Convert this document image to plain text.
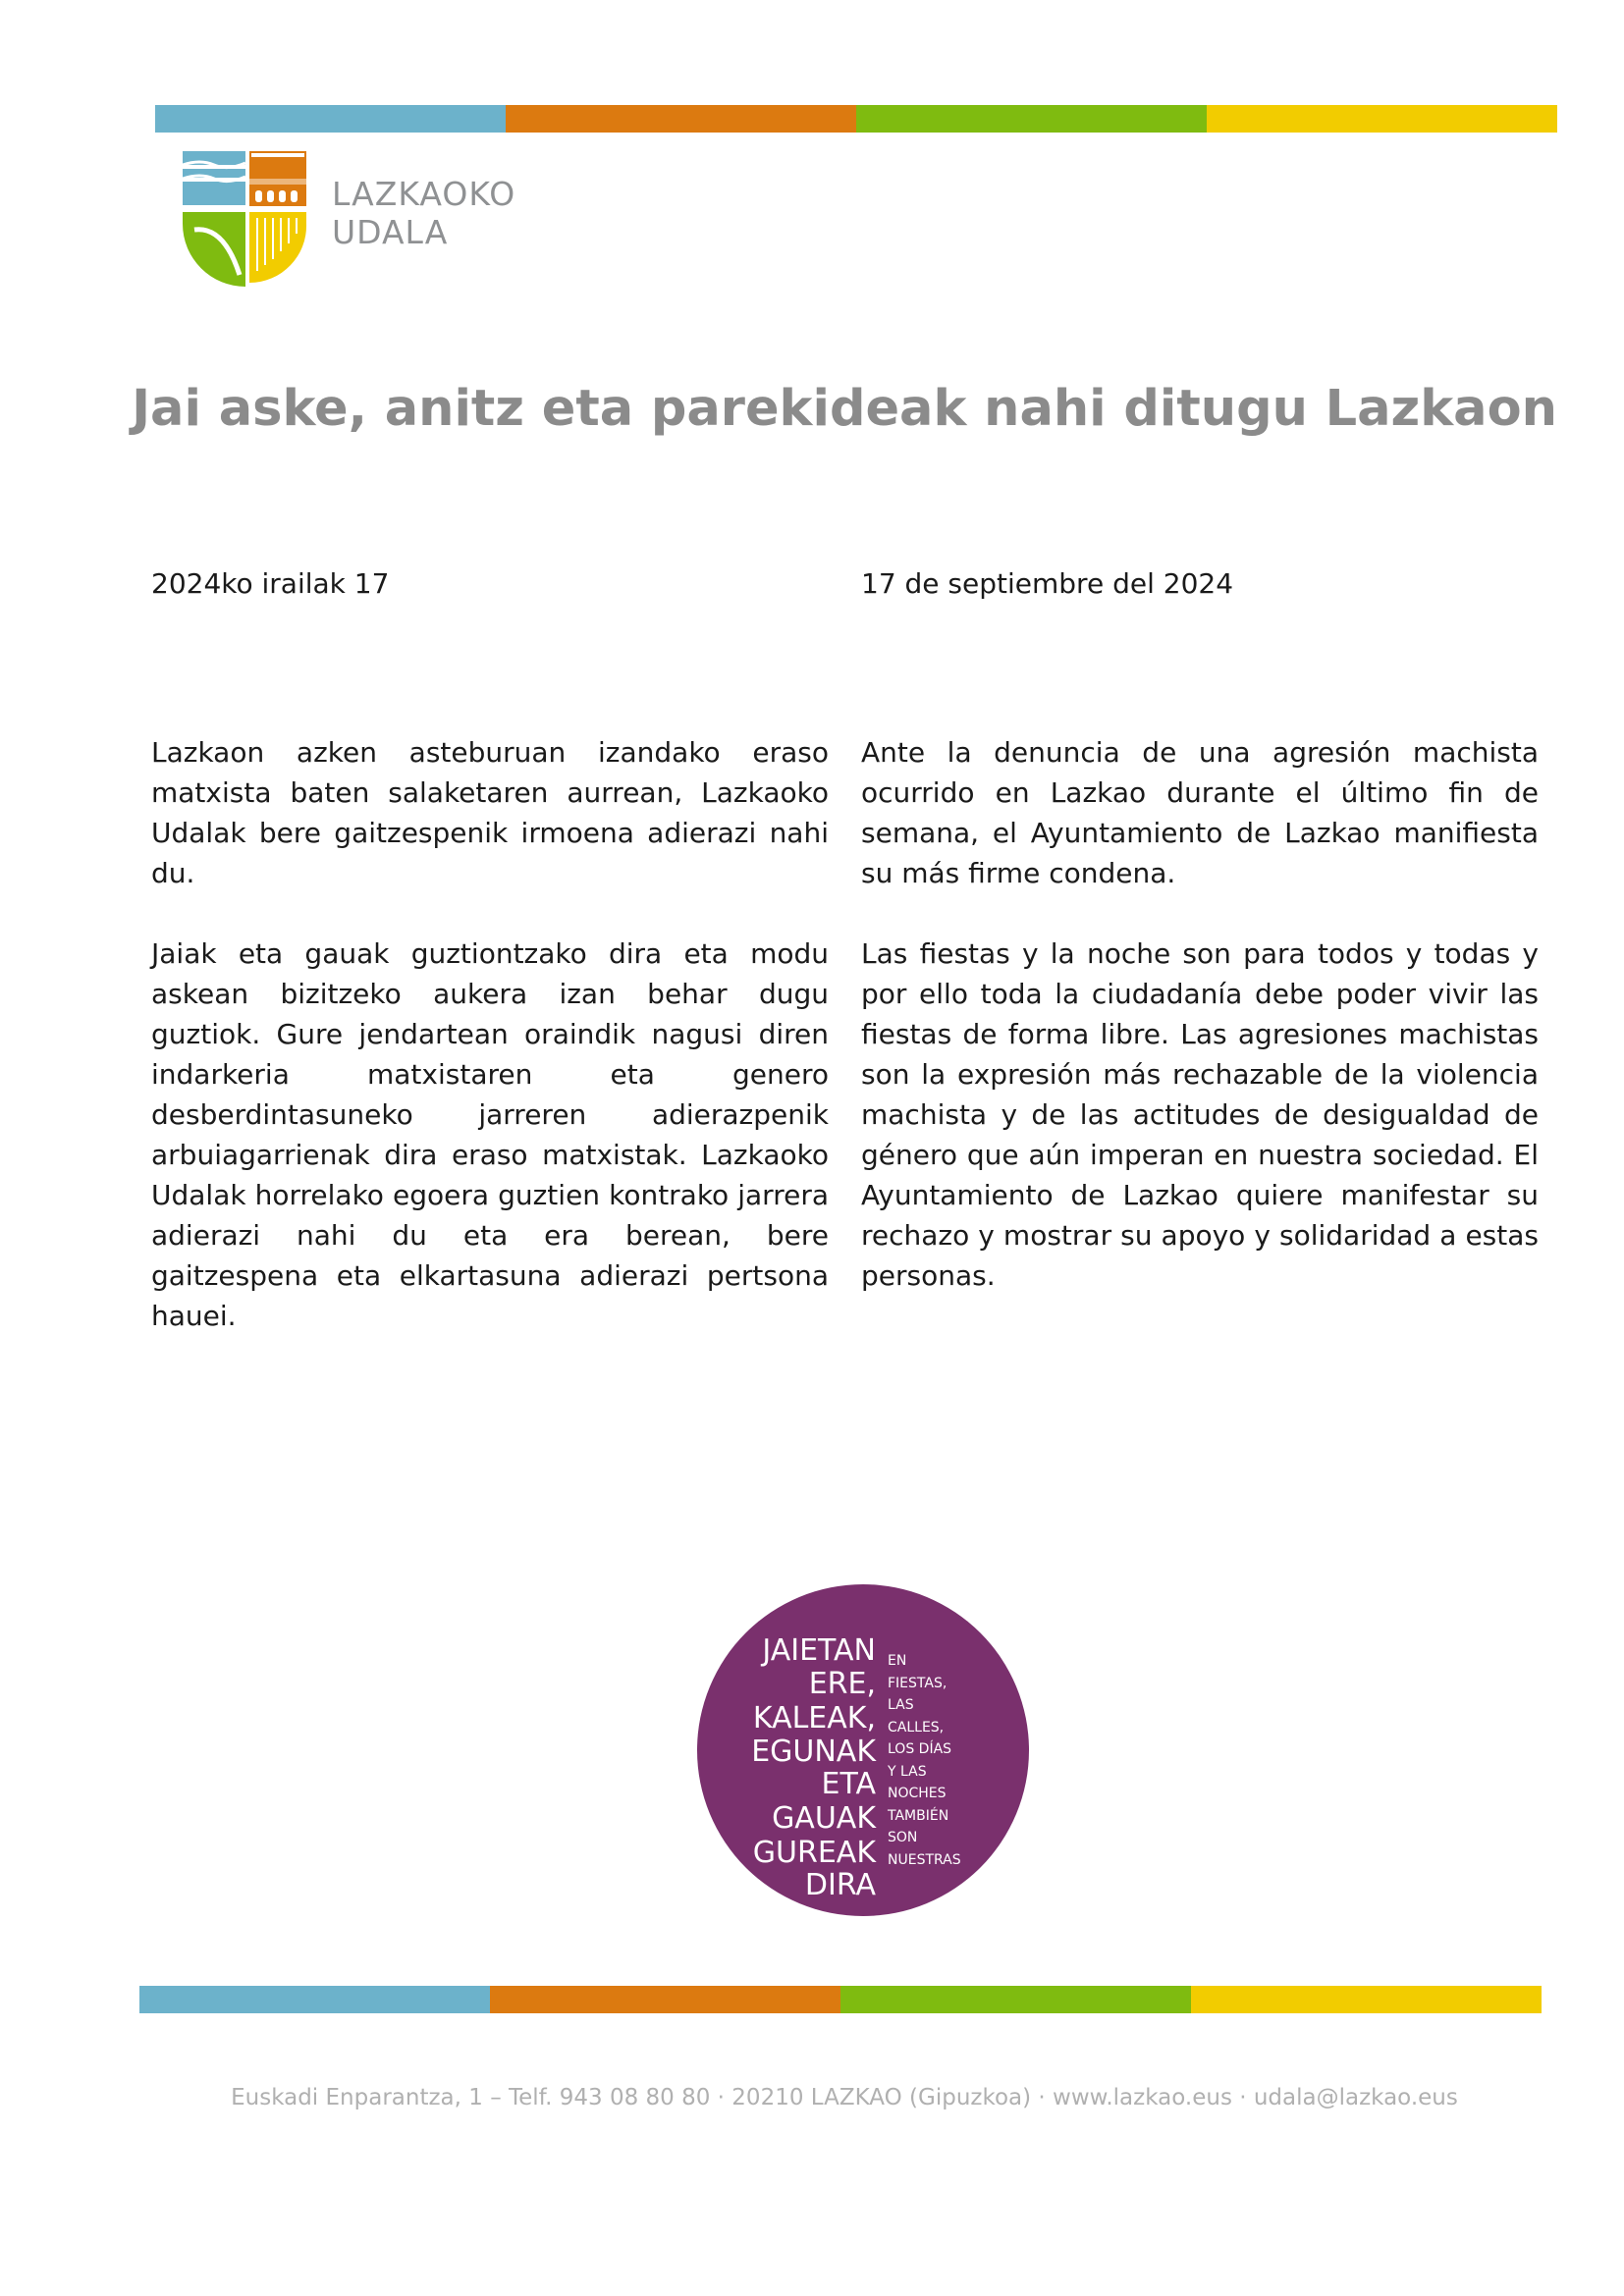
LAZKAOKO
UDALA
Jai aske, anitz eta parekideak nahi ditugu Lazkaon

2024ko irailak 17	17 de septiembre del 2024

Lazkaon azken asteburuan izandako eraso matxista baten salaketaren aurrean, Lazkaoko Udalak bere gaitzespenik irmoena adierazi nahi du.

Jaiak eta gauak guztiontzako dira eta modu askean bizitzeko aukera izan behar dugu guztiok. Gure jendartean oraindik nagusi diren indarkeria matxistaren eta genero desberdintasuneko jarreren adierazpenik arbuiagarrienak dira eraso matxistak. Lazkaoko Udalak horrelako egoera guztien kontrako jarrera adierazi nahi du eta era berean, bere gaitzespena eta elkartasuna adierazi pertsona hauei.

Ante la denuncia de una agresión machista ocurrido en Lazkao durante el último fin de semana, el Ayuntamiento de Lazkao manifiesta su más firme condena.

Las fiestas y la noche son para todos y todas y por ello toda la ciudadanía debe poder vivir las fiestas de forma libre. Las agresiones machistas son la expresión más rechazable de la violencia machista y de las actitudes de desigualdad de género que aún imperan en nuestra sociedad. El Ayuntamiento de Lazkao quiere manifestar su rechazo y mostrar su apoyo y solidaridad a estas personas.

JAIETAN
ERE,
KALEAK,
EGUNAK
ETA
GAUAK
GUREAK
DIRA
EN
FIESTAS,
LAS
CALLES,
LOS DÍAS
Y LAS
NOCHES
TAMBIÉN
SON
NUESTRAS
Euskadi Enparantza, 1 – Telf. 943 08 80 80 · 20210 LAZKAO (Gipuzkoa) · www.lazkao.eus · udala@lazkao.eus
